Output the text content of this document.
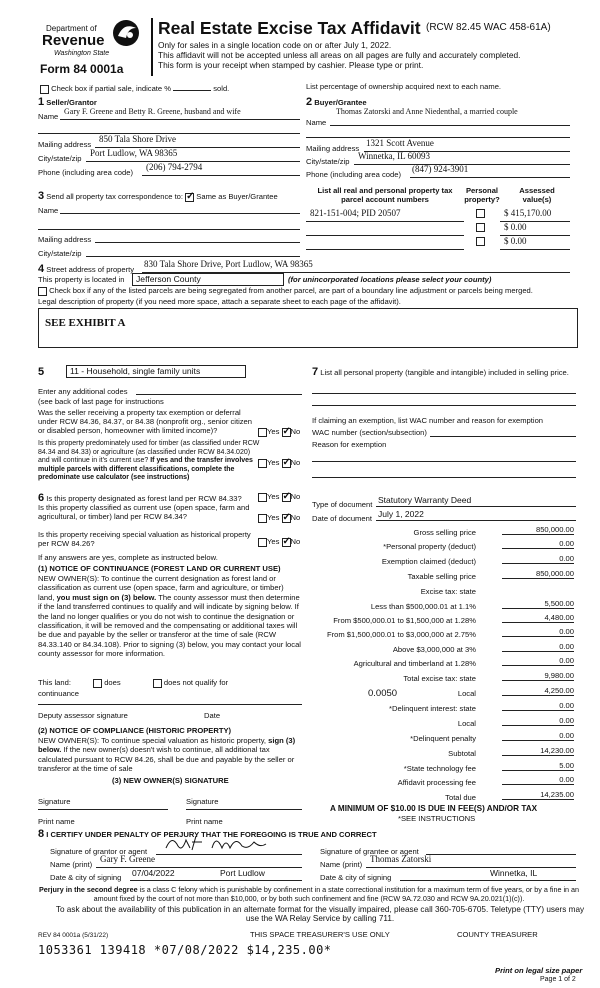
Department of
Revenue
Washington State
Form 84 0001a
Real Estate Excise Tax Affidavit (RCW 82.45 WAC 458-61A)
Only for sales in a single location code on or after July 1, 2022.
This affidavit will not be accepted unless all areas on all pages are fully and accurately completed.
This form is your receipt when stamped by cashier. Please type or print.
Check box if partial sale, indicate %	sold.	List percentage of ownership acquired next to each name.
1 Seller/Grantor
Name
Gary F. Greene and Betty R. Greene, husband and wife
Mailing address
850 Tala Shore Drive
City/state/zip
Port Ludlow, WA 98365
Phone (including area code)
(206) 794-2794
2 Buyer/Grantee
Name
Thomas Zatorski and Anne Niedenthal, a married couple
Mailing address
1321 Scott Avenue
City/state/zip
Winnetka, IL 60093
Phone (including area code)
(847) 924-3901
3 Send all property tax correspondence to: ✓ Same as Buyer/Grantee
Name
Mailing address
City/state/zip
List all real and personal property tax parcel account numbers
Personal property?
Assessed value(s)
821-151-004; PID 20507	$ 415,170.00
$ 0.00
$ 0.00
4 Street address of property
830 Tala Shore Drive, Port Ludlow, WA 98365
This property is located in Jefferson County	(for unincorporated locations please select your county)
Check box if any of the listed parcels are being segregated from another parcel, are part of a boundary line adjustment or parcels being merged.
Legal description of property (if you need more space, attach a separate sheet to each page of the affidavit).
SEE EXHIBIT A
5	11 - Household, single family units
Enter any additional codes
(see back of last page for instructions
Was the seller receiving a property tax exemption or deferral under RCW 84.36, 84.37, or 84.38 (nonprofit org., senior citizen or disabled person, homeowner with limited income)?	Yes ✓ No
Is this property predominately used for timber (as classified under RCW 84.34 and 84.33) or agriculture (as classified under RCW 84.34.020) and will continue in it's current use? If yes and the transfer involves multiple parcels with different classifications, complete the predominate use calculator (see instructions)
Yes ✓ No
6 Is this property designated as forest land per RCW 84.33?	Yes ✓ No
Is this property classified as current use (open space, farm and agricultural, or timber) land per RCW 84.34?	Yes ✓ No
Is this property receiving special valuation as historical property per RCW 84.26?	Yes ✓ No
If any answers are yes, complete as instructed below.
(1) NOTICE OF CONTINUANCE (FOREST LAND OR CURRENT USE)
NEW OWNER(S): To continue the current designation as forest land or classification as current use (open space, farm and agriculture, or timber) land, you must sign on (3) below. The county assessor must then determine if the land transferred continues to qualify and will indicate by signing below. If the land no longer qualifies or you do not wish to continue the designation or classification, it will be removed and the compensating or additional taxes will be due and payable by the seller or transferor at the time of sale (RCW 84.33.140 or 84.34.108). Prior to signing (3) below, you may contact your local county assessor for more information.
This land:	does	does not qualify for
continuance
Deputy assessor signature	Date
(2) NOTICE OF COMPLIANCE (HISTORIC PROPERTY)
NEW OWNER(S): To continue special valuation as historic property, sign (3) below. If the new owner(s) doesn't wish to continue, all additional tax calculated pursuant to RCW 84.26, shall be due and payable by the seller or transferor at the time of sale
(3) NEW OWNER(S) SIGNATURE
Signature	Signature
Print name	Print name
7 List all personal property (tangible and intangible) included in selling price.
If claiming an exemption, list WAC number and reason for exemption
WAC number (section/subsection)
Reason for exemption
Type of document Statutory Warranty Deed
Date of document July 1, 2022
Gross selling price	850,000.00
*Personal property (deduct)	0.00
Exemption claimed (deduct)	0.00
Taxable selling price	850,000.00
Excise tax: state
Less than $500,000.01 at 1.1%	5,500.00
From $500,000.01 to $1,500,000 at 1.28%	4,480.00
From $1,500,000.01 to $3,000,000 at 2.75%	0.00
Above $3,000,000 at 3%	0.00
Agricultural and timberland at 1.28%	0.00
Total excise tax: state	9,980.00
0.0050	Local	4,250.00
*Delinquent interest: state	0.00
Local	0.00
*Delinquent penalty	0.00
Subtotal	14,230.00
*State technology fee	5.00
Affidavit processing fee	0.00
Total due	14,235.00
A MINIMUM OF $10.00 IS DUE IN FEE(S) AND/OR TAX
*SEE INSTRUCTIONS
8 I CERTIFY UNDER PENALTY OF PERJURY THAT THE FOREGOING IS TRUE AND CORRECT
Signature of grantor or agent	Signature of grantee or agent
Name (print)
Gary F. Greene
Name (print)
Thomas Zatorski
Date & city of signing 07/04/2022	Port Ludlow	Date & city of signing	Winnetka, IL
Perjury in the second degree is a class C felony which is punishable by confinement in a state correctional institution for a maximum term of five years, or by a fine in an amount fixed by the court of not more than $10,000, or by both such confinement and fine (RCW 9A.72.030 and RCW 9A.20.021(1)(c)).
To ask about the availability of this publication in an alternate format for the visually impaired, please call 360-705-6705. Teletype (TTY) users may use the WA Relay Service by calling 711.
REV 84 0001a (5/31/22)	THIS SPACE TREASURER'S USE ONLY	COUNTY TREASURER
1053361 139418 *07/08/2022 $14,235.00*
Print on legal size paper
Page 1 of 2
